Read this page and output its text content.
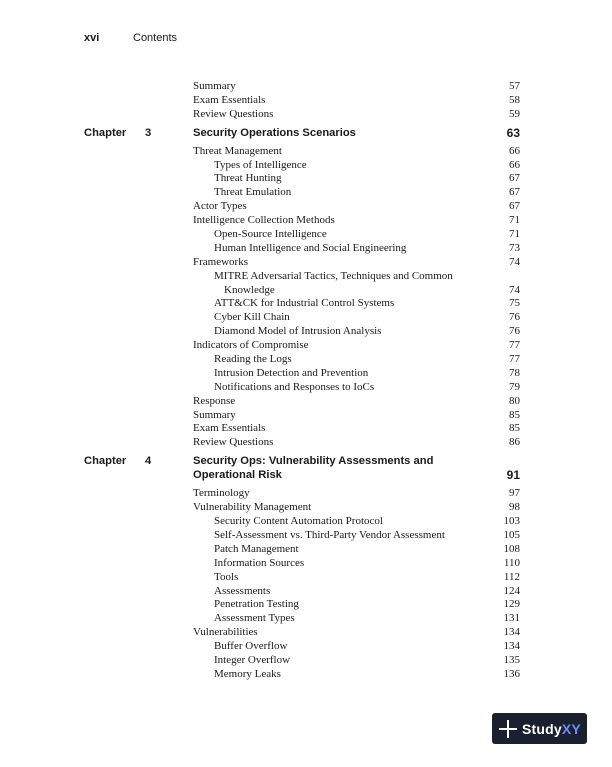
xvi	Contents
Summary	57
Exam Essentials	58
Review Questions	59
Chapter 3	Security Operations Scenarios	63
Threat Management	66
Types of Intelligence	66
Threat Hunting	67
Threat Emulation	67
Actor Types	67
Intelligence Collection Methods	71
Open-Source Intelligence	71
Human Intelligence and Social Engineering	73
Frameworks	74
MITRE Adversarial Tactics, Techniques and Common
Knowledge	74
ATT&CK for Industrial Control Systems	75
Cyber Kill Chain	76
Diamond Model of Intrusion Analysis	76
Indicators of Compromise	77
Reading the Logs	77
Intrusion Detection and Prevention	78
Notifications and Responses to IoCs	79
Response	80
Summary	85
Exam Essentials	85
Review Questions	86
Chapter 4	Security Ops: Vulnerability Assessments and Operational Risk	91
Terminology	97
Vulnerability Management	98
Security Content Automation Protocol	103
Self-Assessment vs. Third-Party Vendor Assessment	105
Patch Management	108
Information Sources	110
Tools	112
Assessments	124
Penetration Testing	129
Assessment Types	131
Vulnerabilities	134
Buffer Overflow	134
Integer Overflow	135
Memory Leaks	136
StudyXY
